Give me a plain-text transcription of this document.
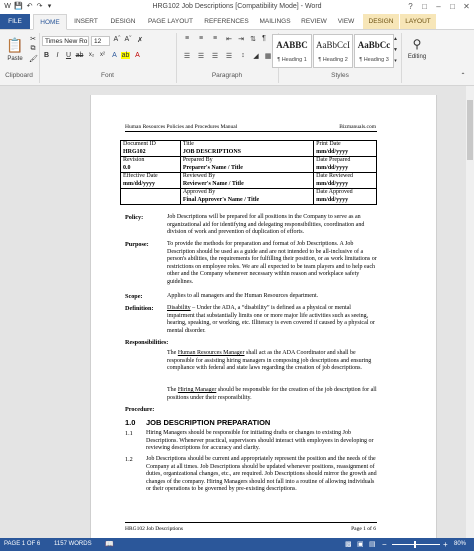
W 💾 ↶ ↷ ▾	HRG102 Job Descriptions [Compatibility Mode] - Word	?	□	–	□	✕
FILE	HOME	INSERT	DESIGN	PAGE LAYOUT	REFERENCES	MAILINGS	REVIEW	VIEW	DESIGN	LAYOUT
📋
Paste
✂
⧉
🖌
Clipboard
Times New Ro	12	Aˆ Aˇ ✗
B	I	U ab x₂ x²	A ab A
Font
≡	≡	≡	⇤ ⇥ ⇅ ¶
☰ ☰ ☰ ☰	↕	◢ ▦
Paragraph
AABBC
¶ Heading 1
AaBbCcI
¶ Heading 2
AaBbCc
¶ Heading 3
▲
▼
▾
Styles
⚲
Editing
⌃
Human Resources Policies and Procedures Manual	Bizmanuals.com
Document ID
HRG102	Title
JOB DESCRIPTIONS	Print Date
mm/dd/yyyy
Revision
0.0	Prepared By
Preparer's Name / Title	Date Prepared
mm/dd/yyyy
Effective Date
mm/dd/yyyy	Reviewed By
Reviewer's Name / Title	Date Reviewed
mm/dd/yyyy
	Approved By
Final Approver's Name / Title	Date Approved
mm/dd/yyyy
Policy:	Job Descriptions will be prepared for all positions in the Company to serve as an organizational aid for identifying and delegating responsibilities, coordination and division of work and prevention of duplication of efforts.
Purpose:	To provide the methods for preparation and format of Job Descriptions. A Job Description should be used as a guide and are not intended to be all-inclusive of a person's abilities, the requirements for fulfilling their position, or as work limitations or restrictions on employee roles. We are all expected to be team players and to help each other and the Company whenever necessary within reason and workplace safety guidelines.
Scope:	Applies to all managers and the Human Resources department.
Definition: Disability – Under the ADA, a “disability” is defined as a physical or mental impairment that substantially limits one or more major life activities such as seeing, hearing, speaking, or working, etc. Illiteracy is even covered if caused by a physical or mental disorder.
Responsibilities:
The Human Resources Manager shall act as the ADA Coordinator and shall be responsible for assisting hiring managers in composing job descriptions and ensuring compliance with federal and state laws regarding the creation of job descriptions.
The Hiring Manager should be responsible for the creation of the job description for all positions under their responsibility.
Procedure:
1.0 JOB DESCRIPTION PREPARATION
1.1 Hiring Managers should be responsible for initiating drafts or changes to existing Job Descriptions. Whenever practical, supervisors should interact with employees in developing or reviewing descriptions for accuracy and clarity.
1.2 Job Descriptions should be current and appropriately represent the position and the needs of the Company at all times. Job Descriptions should be updated whenever positions, reassignment of duties, organizational changes, etc., are required. Job Descriptions should mirror the growth and changes of the company. Hiring Managers should not fall into a routine of allowing individuals or their operations to be governed by pre-existing descriptions.
HRG102 Job Descriptions	Page 1 of 6
PAGE 1 OF 6 1157 WORDS 📖	▩ ▣ ▤ −	+ 80%
